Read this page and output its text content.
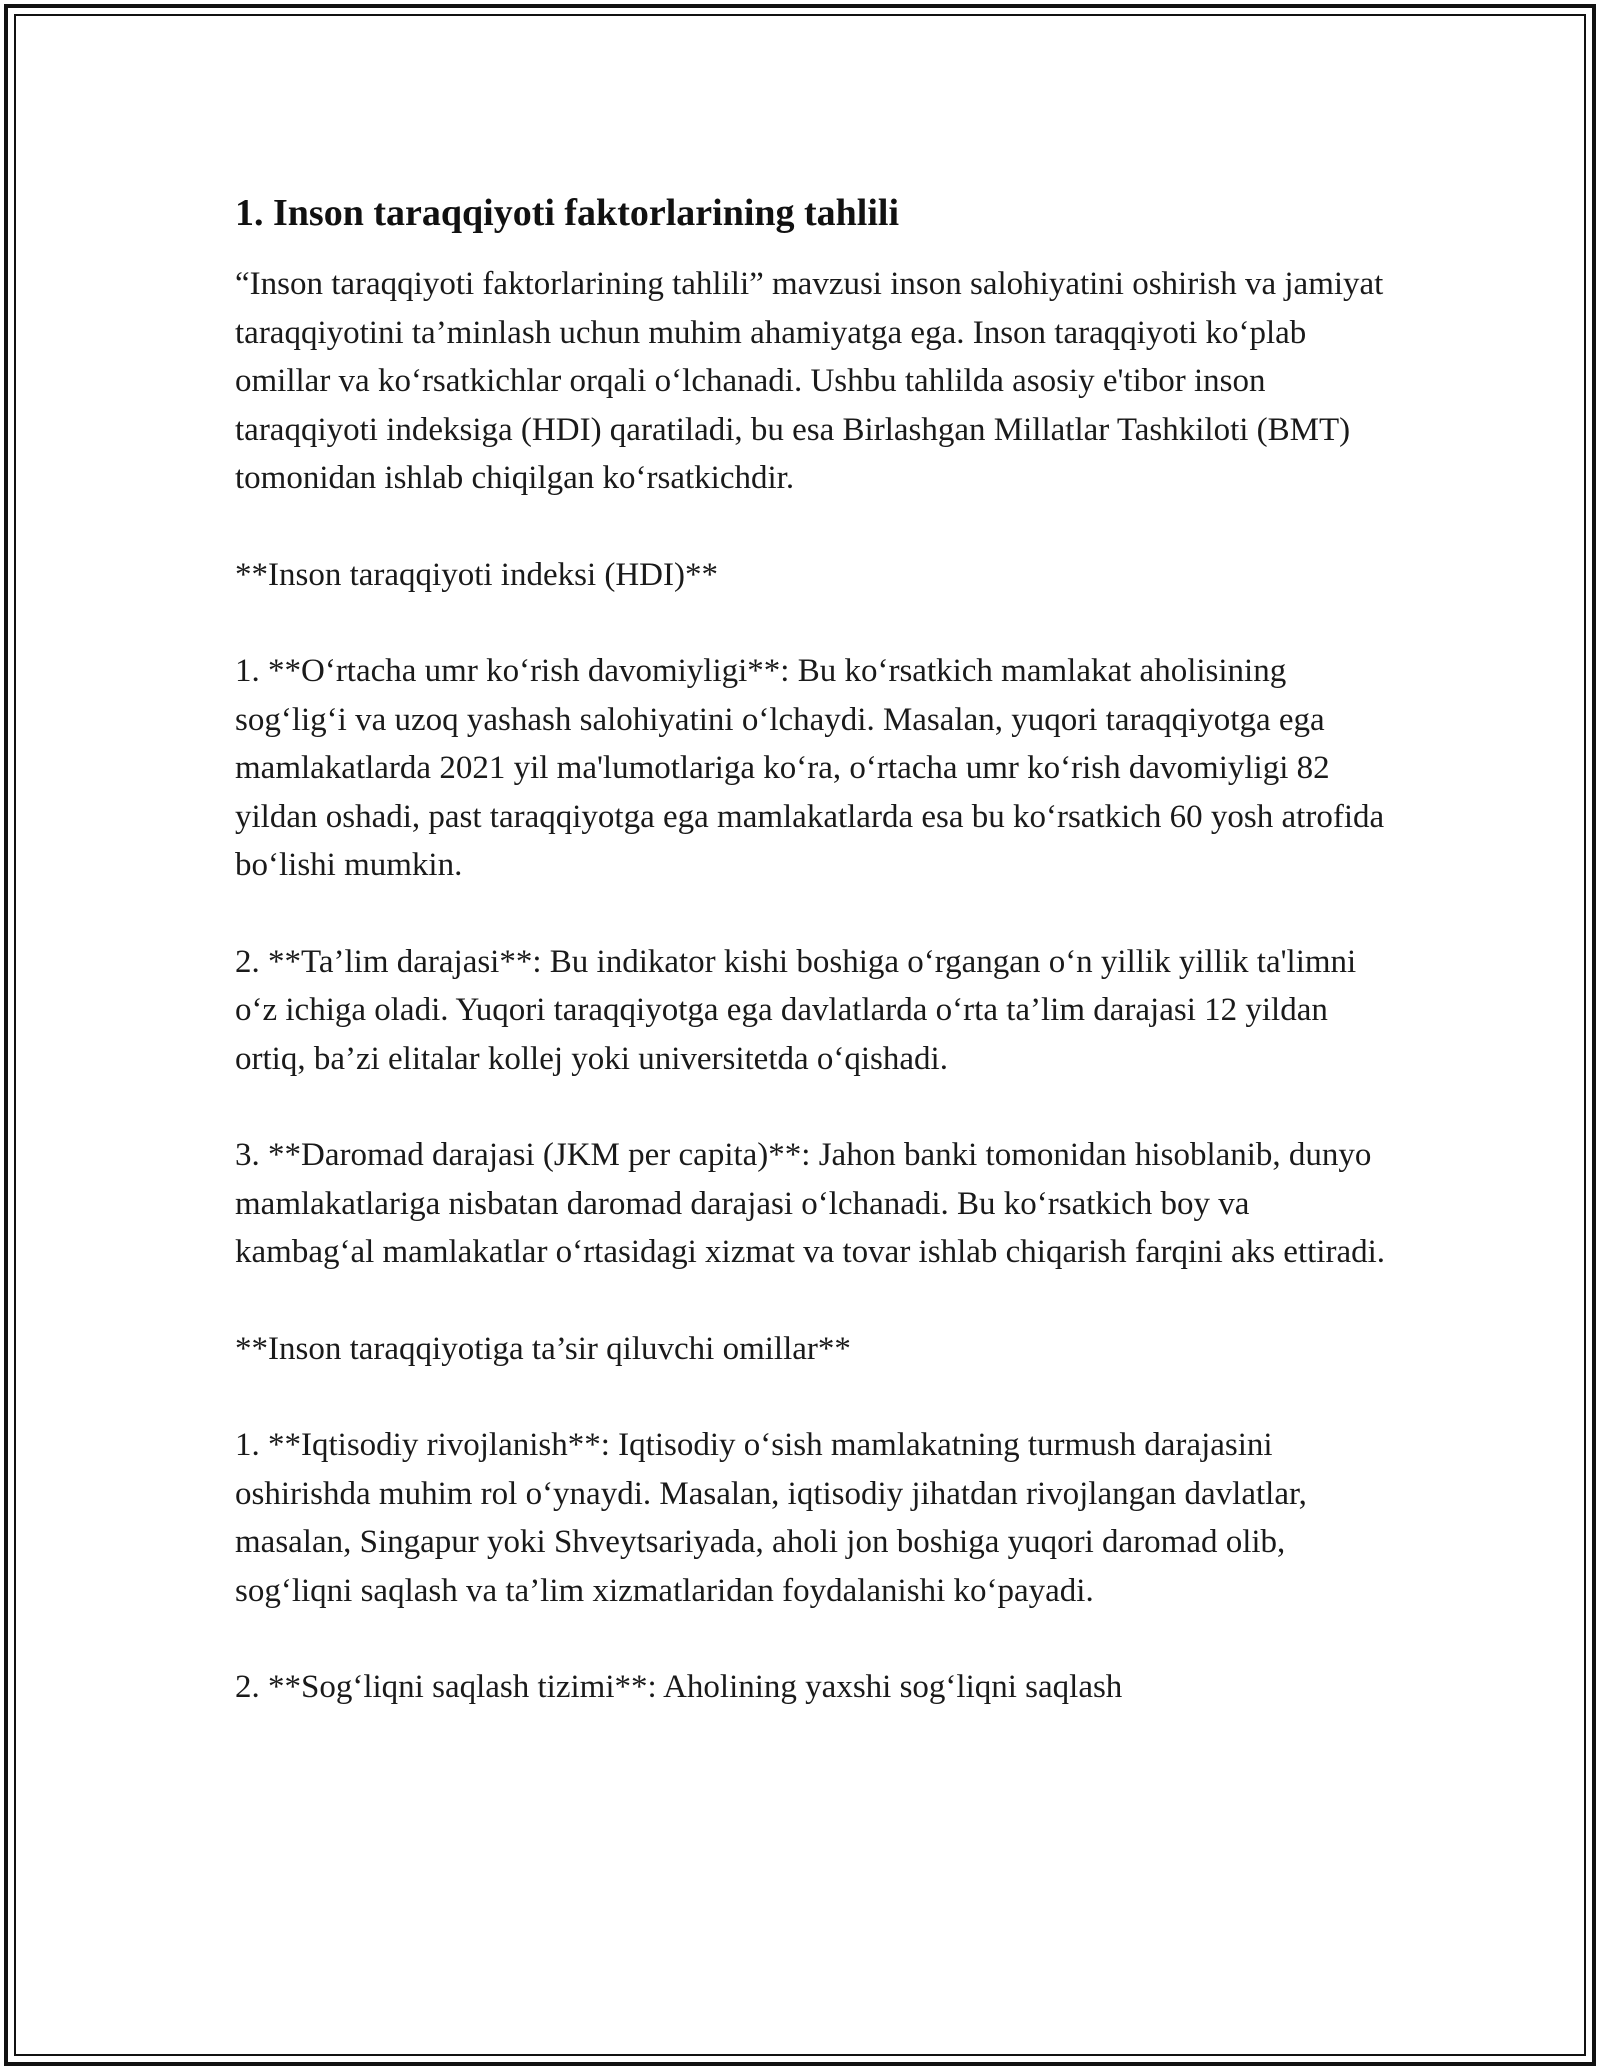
1. Inson taraqqiyoti faktorlarining tahlili

“Inson taraqqiyoti faktorlarining tahlili” mavzusi inson salohiyatini oshirish va jamiyat taraqqiyotini ta’minlash uchun muhim ahamiyatga ega. Inson taraqqiyoti ko‘plab omillar va ko‘rsatkichlar orqali o‘lchanadi. Ushbu tahlilda asosiy e'tibor inson taraqqiyoti indeksiga (HDI) qaratiladi, bu esa Birlashgan Millatlar Tashkiloti (BMT) tomonidan ishlab chiqilgan ko‘rsatkichdir.

**Inson taraqqiyoti indeksi (HDI)**

1. **O‘rtacha umr ko‘rish davomiyligi**: Bu ko‘rsatkich mamlakat aholisining sog‘lig‘i va uzoq yashash salohiyatini o‘lchaydi. Masalan, yuqori taraqqiyotga ega mamlakatlarda 2021 yil ma'lumotlariga ko‘ra, o‘rtacha umr ko‘rish davomiyligi 82 yildan oshadi, past taraqqiyotga ega mamlakatlarda esa bu ko‘rsatkich 60 yosh atrofida bo‘lishi mumkin.

2. **Ta’lim darajasi**: Bu indikator kishi boshiga o‘rgangan o‘n yillik yillik ta'limni o‘z ichiga oladi. Yuqori taraqqiyotga ega davlatlarda o‘rta ta’lim darajasi 12 yildan ortiq, ba’zi elitalar kollej yoki universitetda o‘qishadi.

3. **Daromad darajasi (JKM per capita)**: Jahon banki tomonidan hisoblanib, dunyo mamlakatlariga nisbatan daromad darajasi o‘lchanadi. Bu ko‘rsatkich boy va kambag‘al mamlakatlar o‘rtasidagi xizmat va tovar ishlab chiqarish farqini aks ettiradi.

**Inson taraqqiyotiga ta’sir qiluvchi omillar**

1. **Iqtisodiy rivojlanish**: Iqtisodiy o‘sish mamlakatning turmush darajasini oshirishda muhim rol o‘ynaydi. Masalan, iqtisodiy jihatdan rivojlangan davlatlar, masalan, Singapur yoki Shveytsariyada, aholi jon boshiga yuqori daromad olib, sog‘liqni saqlash va ta’lim xizmatlaridan foydalanishi ko‘payadi.

2. **Sog‘liqni saqlash tizimi**: Aholining yaxshi sog‘liqni saqlash
